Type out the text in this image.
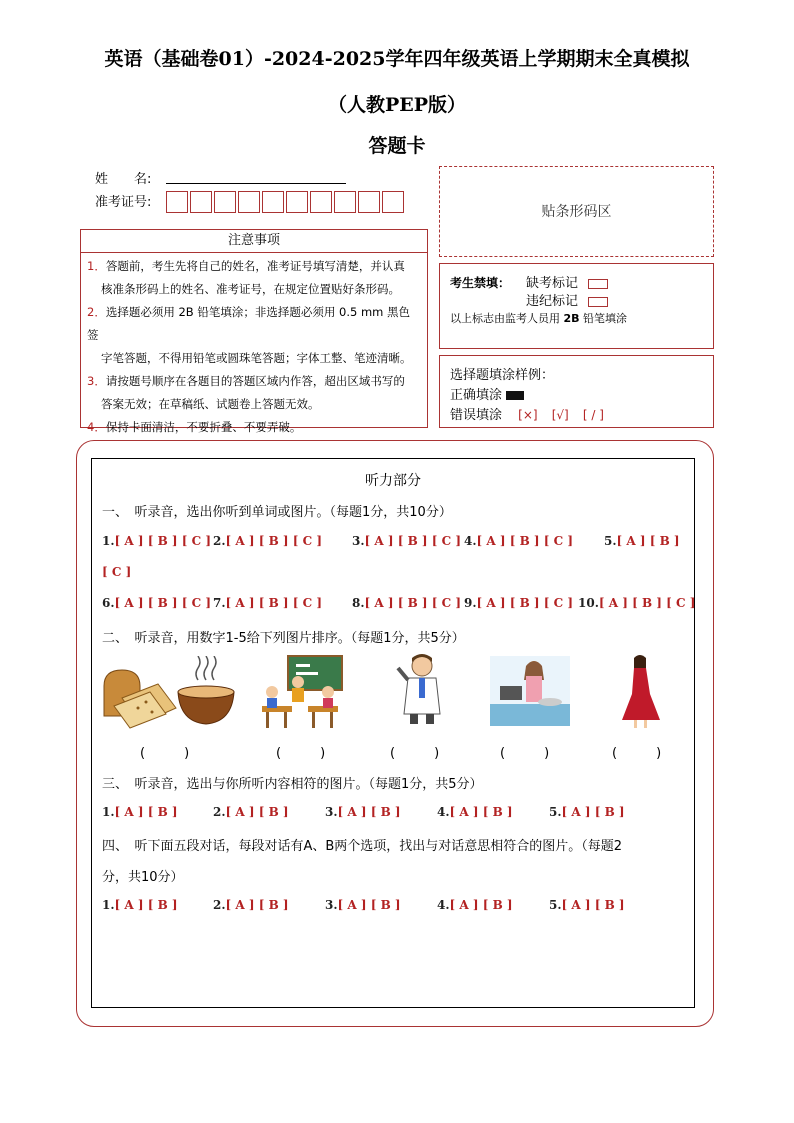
英语（基础卷01）-2024-2025学年四年级英语上学期期末全真模拟
（人教PEP版）
答题卡
姓　　名:
准考证号:
贴条形码区
注意事项

1．答题前，考生先将自己的姓名，准考证号填写清楚，并认真

核准条形码上的姓名、准考证号，在规定位置贴好条形码。

2．选择题必须用 2B 铅笔填涂；非选择题必须用 0.5 mm 黑色签

字笔答题，不得用铅笔或圆珠笔答题；字体工整、笔迹清晰。

3．请按题号顺序在各题目的答题区域内作答，超出区域书写的

答案无效；在草稿纸、试题卷上答题无效。

4．保持卡面清洁，不要折叠、不要弄破。

考生禁填： 缺考标记
违纪标记
以上标志由监考人员用 2B 铅笔填涂
选择题填涂样例：
正确填涂
错误填涂 [×] [√] [ / ]
听力部分
一、　听录音，选出你听到单词或图片。（每题1分，共10分）
1.[ A ] [ B ] [ C ] 2.[ A ] [ B ] [ C ] 3.[ A ] [ B ] [ C ] 4.[ A ] [ B ] [ C ]	5.[ A ] [ B ]
[ C ]
6.[ A ] [ B ] [ C ] 7.[ A ] [ B ] [ C ] 8.[ A ] [ B ] [ C ] 9.[ A ] [ B ] [ C ] 10.[ A ] [ B ] [ C ]
二、　听录音，用数字1-5给下列图片排序。（每题1分，共5分）
(　　　)	(　　　)	(　　　)	(　　　)	(　　　)
三、　听录音，选出与你所听内容相符的图片。（每题1分，共5分）
1.[ A ] [ B ]	2.[ A ] [ B ]	3.[ A ] [ B ]	4.[ A ] [ B ]	5.[ A ] [ B ]
四、　听下面五段对话，每段对话有A、B两个选项，找出与对话意思相符合的图片。（每题2
分，共10分）
1.[ A ] [ B ]	2.[ A ] [ B ]	3.[ A ] [ B ]	4.[ A ] [ B ]	5.[ A ] [ B ]
